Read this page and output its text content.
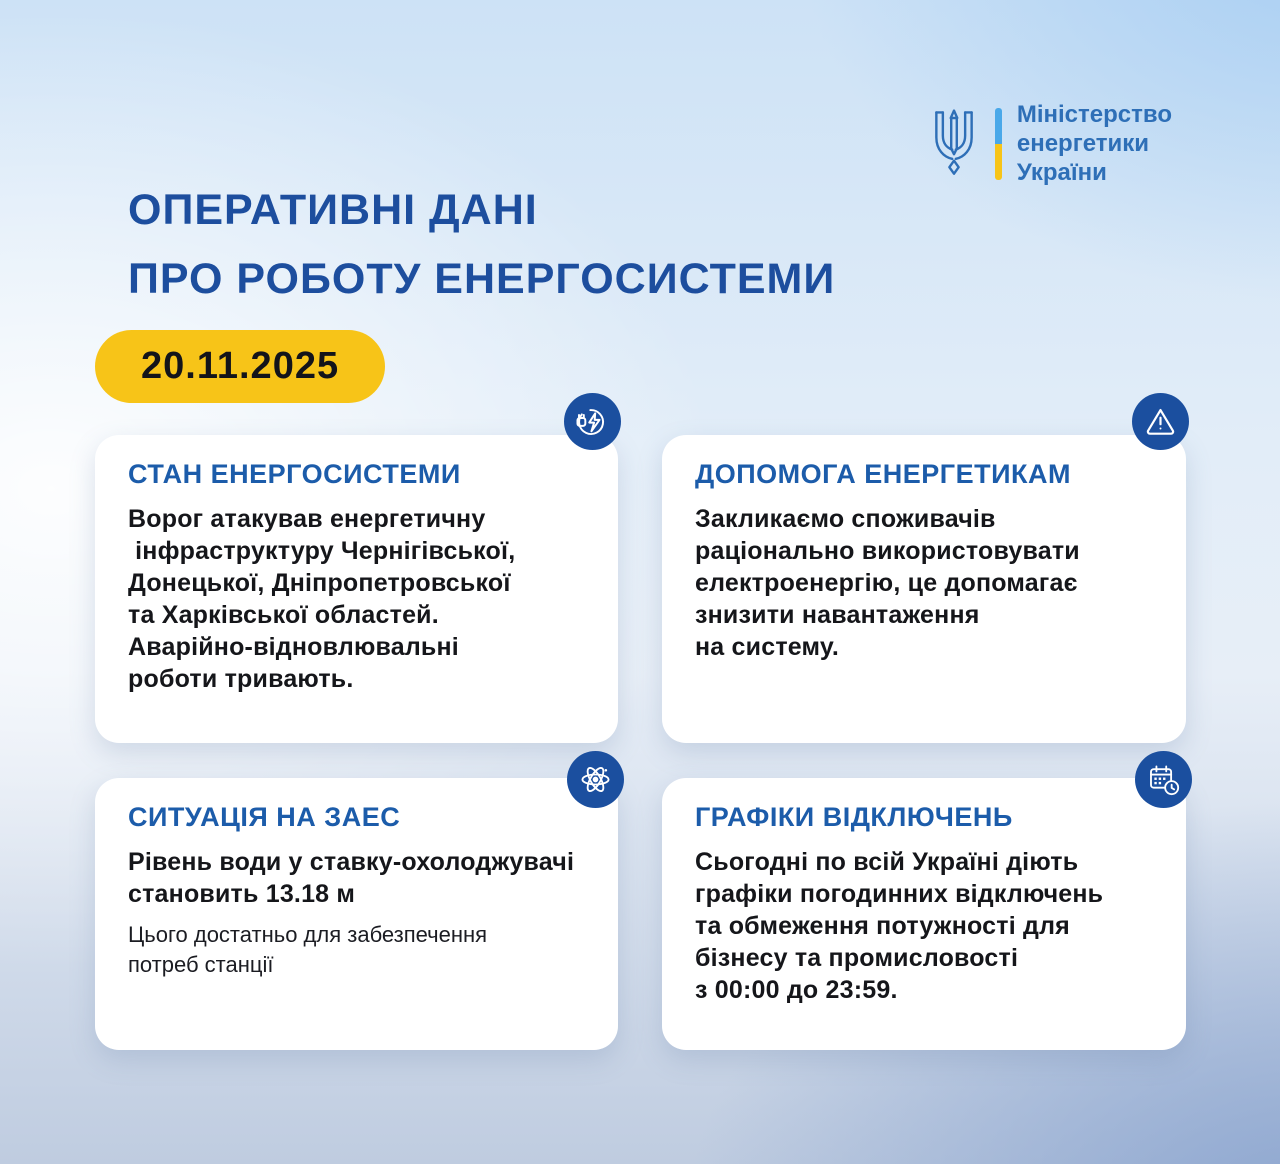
Міністерство
енергетики
України
ОПЕРАТИВНІ ДАНІ
ПРО РОБОТУ ЕНЕРГОСИСТЕМИ
20.11.2025
СТАН ЕНЕРГОСИСТЕМИ
Ворог атакував енергетичну
інфраструктуру Чернігівської,
Донецької, Дніпропетровської
та Харківської областей.
Аварійно-відновлювальні
роботи тривають.
ДОПОМОГА ЕНЕРГЕТИКАМ
Закликаємо споживачів
раціонально використовувати
електроенергію, це допомагає
знизити навантаження
на систему.
СИТУАЦІЯ НА ЗАЕС
Рівень води у ставку-охолоджувачі
становить 13.18 м
Цього достатньо для забезпечення
потреб станції
ГРАФІКИ ВІДКЛЮЧЕНЬ
Сьогодні по всій Україні діють
графіки погодинних відключень
та обмеження потужності для
бізнесу та промисловості
з 00:00 до 23:59.
